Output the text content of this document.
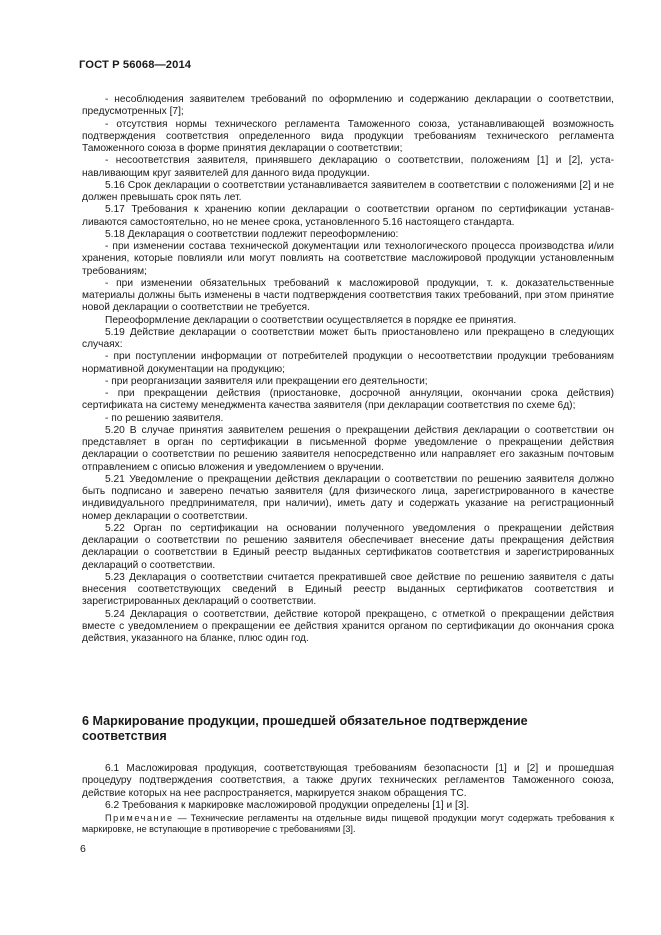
ГОСТ Р 56068—2014

- несоблюдения заявителем требований по оформлению и содержанию декларации о соответствии, предусмотренных [7];

- отсутствия нормы технического регламента Таможенного союза, устанавливающей возможность подтверждения соответствия определенного вида продукции требованиям технического регламента Таможенного союза в форме принятия декларации о соответствии;

- несоответствия заявителя, принявшего декларацию о соответствии, положениям [1] и [2], устанавливающим круг заявителей для данного вида продукции.

5.16 Срок декларации о соответствии устанавливается заявителем в соответствии с положениями [2] и не должен превышать срок пять лет.

5.17 Требования к хранению копии декларации о соответствии органом по сертификации устанавливаются самостоятельно, но не менее срока, установленного 5.16 настоящего стандарта.

5.18 Декларация о соответствии подлежит переоформлению:

- при изменении состава технической документации или технологического процесса производства и/или хранения, которые повлияли или могут повлиять на соответствие масложировой продукции установленным требованиям;

- при изменении обязательных требований к масложировой продукции, т. к. доказательственные материалы должны быть изменены в части подтверждения соответствия таких требований, при этом принятие новой декларации о соответствии не требуется.

Переоформление декларации о соответствии осуществляется в порядке ее принятия.

5.19 Действие декларации о соответствии может быть приостановлено или прекращено в следующих случаях:

- при поступлении информации от потребителей продукции о несоответствии продукции требованиям нормативной документации на продукцию;

- при реорганизации заявителя или прекращении его деятельности;

- при прекращении действия (приостановке, досрочной аннуляции, окончании срока действия) сертификата на систему менеджмента качества заявителя (при декларации соответствия по схеме 6д);

- по решению заявителя.

5.20 В случае принятия заявителем решения о прекращении действия декларации о соответствии он представляет в орган по сертификации в письменной форме уведомление о прекращении действия декларации о соответствии по решению заявителя непосредственно или направляет его заказным почтовым отправлением с описью вложения и уведомлением о вручении.

5.21 Уведомление о прекращении действия декларации о соответствии по решению заявителя должно быть подписано и заверено печатью заявителя (для физического лица, зарегистрированного в качестве индивидуального предпринимателя, при наличии), иметь дату и содержать указание на регистрационный номер декларации о соответствии.

5.22 Орган по сертификации на основании полученного уведомления о прекращении действия декларации о соответствии по решению заявителя обеспечивает внесение даты прекращения действия декларации о соответствии в Единый реестр выданных сертификатов соответствия и зарегистрированных деклараций о соответствии.

5.23 Декларация о соответствии считается прекратившей свое действие по решению заявителя с даты внесения соответствующих сведений в Единый реестр выданных сертификатов соответствия и зарегистрированных деклараций о соответствии.

5.24 Декларация о соответствии, действие которой прекращено, с отметкой о прекращении действия вместе с уведомлением о прекращении ее действия хранится органом по сертификации до окончания срока действия, указанного на бланке, плюс один год.

6 Маркирование продукции, прошедшей обязательное подтверждение соответствия

6.1 Масложировая продукция, соответствующая требованиям безопасности [1] и [2] и прошедшая процедуру подтверждения соответствия, а также других технических регламентов Таможенного союза, действие которых на нее распространяется, маркируется знаком обращения ТС.

6.2 Требования к маркировке масложировой продукции определены [1] и [3].

Примечание — Технические регламенты на отдельные виды пищевой продукции могут содержать требования к маркировке, не вступающие в противоречие с требованиями [3].

6
